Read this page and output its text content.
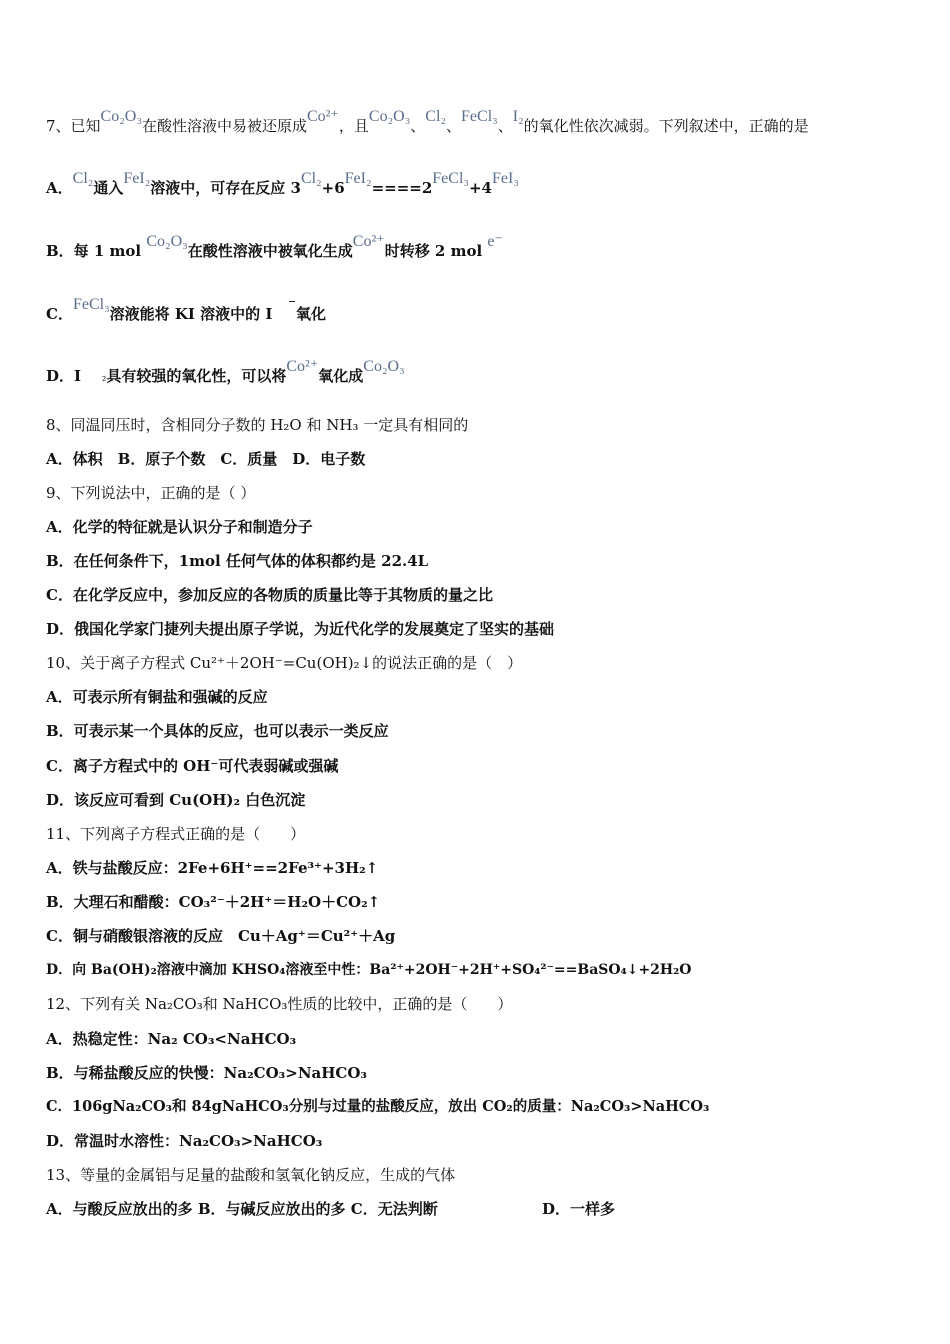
7、已知Co₂O₃在酸性溶液中易被还原成Co²⁺，且Co₂O₃、Cl₂、FeCl₃、I₂的氧化性依次减弱。下列叙述中，正确的是
A．Cl₂通入FeI₂溶液中，可存在反应 3Cl₂+6FeI₂====2FeCl₃+4FeI₃
B．每 1 mol Co₂O₃在酸性溶液中被氧化生成Co²⁺时转移 2 mol e⁻
C．FeCl₃溶液能将 KI 溶液中的 I   ⁻氧化
D．I ₂具有较强的氧化性，可以将Co²⁺氧化成Co₂O₃
8、同温同压时，含相同分子数的 H₂O 和 NH₃ 一定具有相同的
A．体积　B．原子个数　C．质量　D．电子数
9、下列说法中，正确的是（ ）
A．化学的特征就是认识分子和制造分子
B．在任何条件下，1mol 任何气体的体积都约是 22.4L
C．在化学反应中，参加反应的各物质的质量比等于其物质的量之比
D．俄国化学家门捷列夫提出原子学说，为近代化学的发展奠定了坚实的基础
10、关于离子方程式 Cu²⁺＋2OH⁻=Cu(OH)₂↓的说法正确的是（　）
A．可表示所有铜盐和强碱的反应
B．可表示某一个具体的反应，也可以表示一类反应
C．离子方程式中的 OH⁻可代表弱碱或强碱
D．该反应可看到 Cu(OH)₂ 白色沉淀
11、下列离子方程式正确的是（　　）
A．铁与盐酸反应：2Fe+6H⁺==2Fe³⁺+3H₂↑
B．大理石和醋酸：CO₃²⁻＋2H⁺＝H₂O＋CO₂↑
C．铜与硝酸银溶液的反应　Cu＋Ag⁺＝Cu²⁺＋Ag
D．向 Ba(OH)₂溶液中滴加 KHSO₄溶液至中性：Ba²⁺+2OH⁻+2H⁺+SO₄²⁻==BaSO₄↓+2H₂O
12、下列有关 Na₂CO₃和 NaHCO₃性质的比较中，正确的是（　　）
A．热稳定性：Na₂ CO₃<NaHCO₃
B．与稀盐酸反应的快慢：Na₂CO₃>NaHCO₃
C．106gNa₂CO₃和 84gNaHCO₃分别与过量的盐酸反应，放出 CO₂的质量：Na₂CO₃>NaHCO₃
D．常温时水溶性：Na₂CO₃>NaHCO₃
13、等量的金属铝与足量的盐酸和氢氧化钠反应，生成的气体
A．与酸反应放出的多 B．与碱反应放出的多 C．无法判断	D．一样多
